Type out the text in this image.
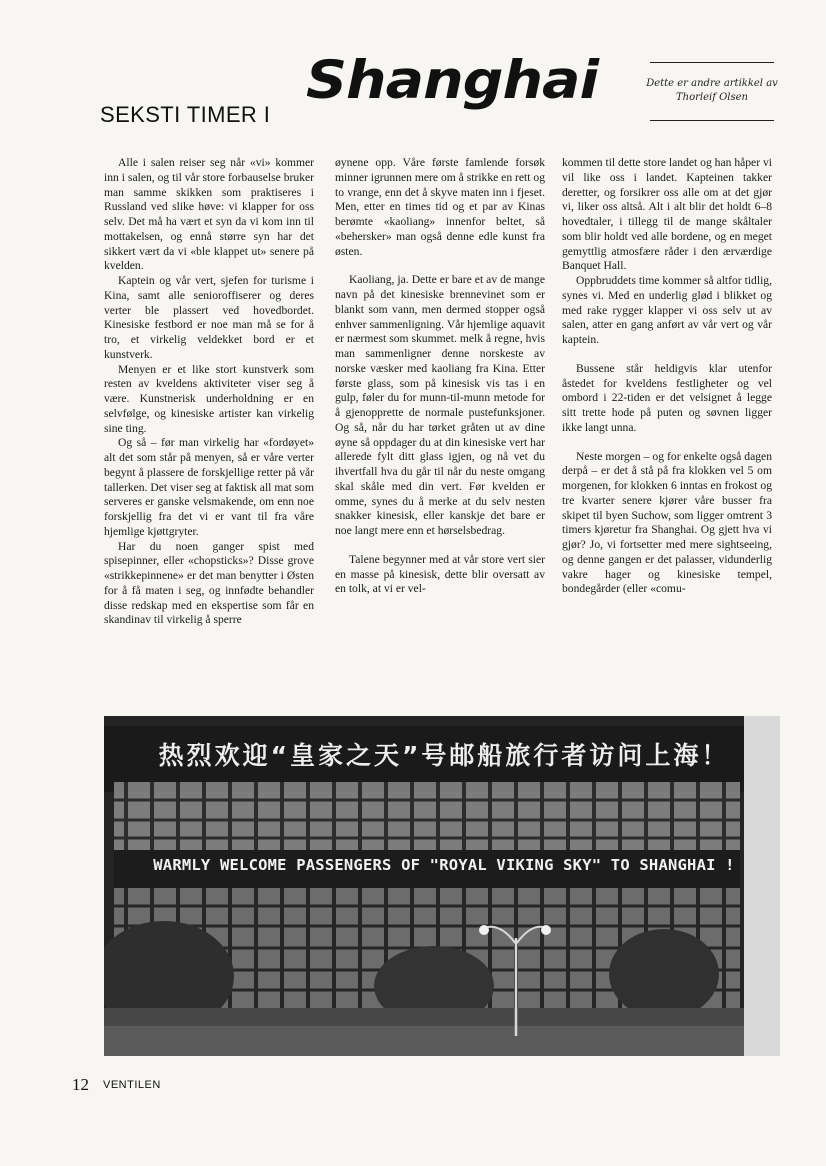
SEKSTI TIMER I
Shanghai	Dette er andre artikkel av
Thorleif Olsen

Alle i salen reiser seg når «vi» kommer inn i salen, og til vår store forbauselse bruker man samme skikken som praktiseres i Russland ved slike høve: vi klapper for oss selv. Det må ha vært et syn da vi kom inn til mottakelsen, og ennå større syn har det sikkert vært da vi «ble klappet ut» senere på kvelden.

Kaptein og vår vert, sjefen for turisme i Kina, samt alle senioroffiserer og deres verter ble plassert ved hovedbordet. Kinesiske festbord er noe man må se for å tro, et virkelig veldekket bord er et kunstverk.

Menyen er et like stort kunstverk som resten av kveldens aktiviteter viser seg å være. Kunstnerisk underholdning er en selvfølge, og kinesiske artister kan virkelig sine ting.

Og så – før man virkelig har «fordøyet» alt det som står på menyen, så er våre verter begynt å plassere de forskjellige retter på vår tallerken. Det viser seg at faktisk all mat som serveres er ganske velsmakende, om enn noe forskjellig fra det vi er vant til fra våre hjemlige kjøttgryter.

Har du noen ganger spist med spisepinner, eller «chopsticks»? Disse grove «strikkepinnene» er det man benytter i Østen for å få maten i seg, og innfødte behandler disse redskap med en ekspertise som får en skandinav til virkelig å sperre

øynene opp. Våre første famlende forsøk minner igrunnen mere om å strikke en rett og to vrange, enn det å skyve maten inn i fjeset. Men, etter en times tid og et par av Kinas berømte «kaoliang» innenfor beltet, så «behersker» man også denne edle kunst fra østen.

Kaoliang, ja. Dette er bare et av de mange navn på det kinesiske brennevinet som er blankt som vann, men dermed stopper også enhver sammenligning. Vår hjemlige aquavit er nærmest som skummet. melk å regne, hvis man sammenligner denne norskeste av norske væsker med kaoliang fra Kina. Etter første glass, som på kinesisk vis tas i en gulp, føler du for munn-til-munn metode for å gjenopprette de normale pustefunksjoner. Og så, når du har tørket gråten ut av dine øyne så oppdager du at din kinesiske vert har allerede fylt ditt glass igjen, og nå vet du ihvertfall hva du går til når du neste omgang skal skåle med din vert. Før kvelden er omme, synes du å merke at du selv nesten snakker kinesisk, eller kanskje det bare er noe langt mere enn et hørselsbedrag.

Talene begynner med at vår store vert sier en masse på kinesisk, dette blir oversatt av en tolk, at vi er vel-

kommen til dette store landet og han håper vi vil like oss i landet. Kapteinen takker deretter, og forsikrer oss alle om at det gjør vi, liker oss altså. Alt i alt blir det holdt 6–8 hovedtaler, i tillegg til de mange skåltaler som blir holdt ved alle bordene, og en meget gemyttlig atmosfære råder i den ærværdige Banquet Hall.

Oppbruddets time kommer så altfor tidlig, synes vi. Med en underlig glød i blikket og med rake rygger klapper vi oss selv ut av salen, atter en gang anført av vår vert og vår kaptein.

Bussene står heldigvis klar utenfor åstedet for kveldens festligheter og vel ombord i 22-tiden er det velsignet å legge sitt trette hode på puten og søvnen ligger ikke langt unna.

Neste morgen – og for enkelte også dagen derpå – er det å stå på fra klokken vel 5 om morgenen, for klokken 6 inntas en frokost og tre kvarter senere kjører våre busser fra skipet til byen Suchow, som ligger omtrent 3 timers kjøretur fra Shanghai. Og gjett hva vi gjør? Jo, vi fortsetter med mere sightseeing, og denne gangen er det palasser, vidunderlig vakre hager og kinesiske tempel, bondegårder (eller «comu-

热烈欢迎“皇家之天”号邮船旅行者访问上海！
WARMLY WELCOME PASSENGERS OF "ROYAL VIKING SKY" TO SHANGHAI !
12 VENTILEN
